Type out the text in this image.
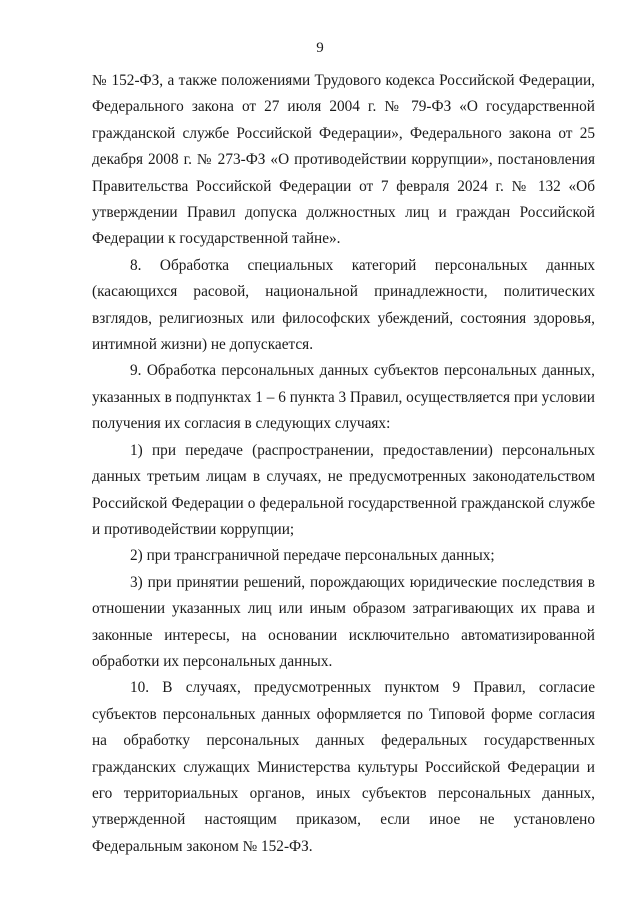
9

№ 152-ФЗ, а также положениями Трудового кодекса Российской Федерации, Федерального закона от 27 июля 2004 г. № 79-ФЗ «О государственной гражданской службе Российской Федерации», Федерального закона от 25 декабря 2008 г. № 273-ФЗ «О противодействии коррупции», постановления Правительства Российской Федерации от 7 февраля 2024 г. № 132 «Об утверждении Правил допуска должностных лиц и граждан Российской Федерации к государственной тайне».

8. Обработка специальных категорий персональных данных (касающихся расовой, национальной принадлежности, политических взглядов, религиозных или философских убеждений, состояния здоровья, интимной жизни) не допускается.

9. Обработка персональных данных субъектов персональных данных, указанных в подпунктах 1 – 6 пункта 3 Правил, осуществляется при условии получения их согласия в следующих случаях:

1) при передаче (распространении, предоставлении) персональных данных третьим лицам в случаях, не предусмотренных законодательством Российской Федерации о федеральной государственной гражданской службе и противодействии коррупции;

2) при трансграничной передаче персональных данных;

3) при принятии решений, порождающих юридические последствия в отношении указанных лиц или иным образом затрагивающих их права и законные интересы, на основании исключительно автоматизированной обработки их персональных данных.

10. В случаях, предусмотренных пунктом 9 Правил, согласие субъектов персональных данных оформляется по Типовой форме согласия на обработку персональных данных федеральных государственных гражданских служащих Министерства культуры Российской Федерации и его территориальных органов, иных субъектов персональных данных, утвержденной настоящим приказом, если иное не установлено Федеральным законом № 152-ФЗ.
